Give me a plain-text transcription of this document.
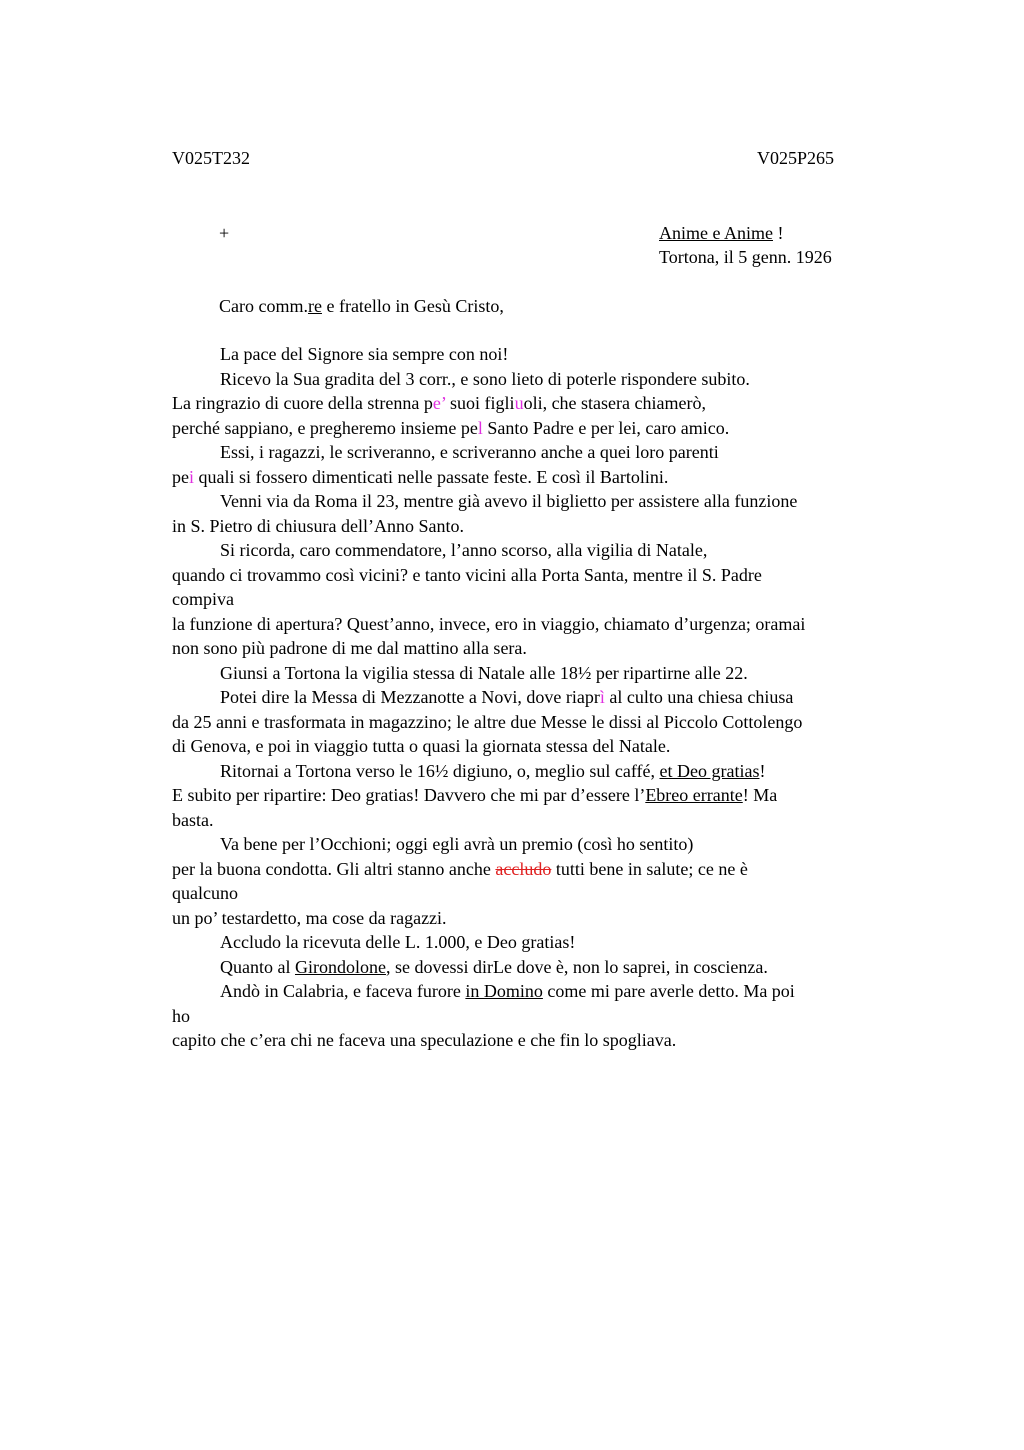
V025T232	V025P265
+	Anime e Anime !
Tortona, il 5 genn. 1926
Caro comm.re e fratello in Gesù Cristo,
La pace del Signore sia sempre con noi!
Ricevo la Sua gradita del 3 corr., e sono lieto di poterle rispondere subito.
La ringrazio di cuore della strenna pe’ suoi figliuoli, che stasera chiamerò,
perché sappiano, e pregheremo insieme pel Santo Padre e per lei, caro amico.
Essi, i ragazzi, le scriveranno, e scriveranno anche a quei loro parenti
pei quali si fossero dimenticati nelle passate feste. E così il Bartolini.
Venni via da Roma il 23, mentre già avevo il biglietto per assistere alla funzione
in S. Pietro di chiusura dell’Anno Santo.
Si ricorda, caro commendatore, l’anno scorso, alla vigilia di Natale,
quando ci trovammo così vicini? e tanto vicini alla Porta Santa, mentre il S. Padre
compiva
la funzione di apertura? Quest’anno, invece, ero in viaggio, chiamato d’urgenza; oramai
non sono più padrone di me dal mattino alla sera.
Giunsi a Tortona la vigilia stessa di Natale alle 18½ per ripartirne alle 22.
Potei dire la Messa di Mezzanotte a Novi, dove riaprì al culto una chiesa chiusa
da 25 anni e trasformata in magazzino; le altre due Messe le dissi al Piccolo Cottolengo
di Genova, e poi in viaggio tutta o quasi la giornata stessa del Natale.
Ritornai a Tortona verso le 16½ digiuno, o, meglio sul caffé, et Deo gratias!
E subito per ripartire: Deo gratias! Davvero che mi par d’essere l’Ebreo errante! Ma
basta.
Va bene per l’Occhioni; oggi egli avrà un premio (così ho sentito)
per la buona condotta. Gli altri stanno anche accludo tutti bene in salute; ce ne è
qualcuno
un po’ testardetto, ma cose da ragazzi.
Accludo la ricevuta delle L. 1.000, e Deo gratias!
Quanto al Girondolone, se dovessi dirLe dove è, non lo saprei, in coscienza.
Andò in Calabria, e faceva furore in Domino come mi pare averle detto. Ma poi
ho
capito che c’era chi ne faceva una speculazione e che fin lo spogliava.
